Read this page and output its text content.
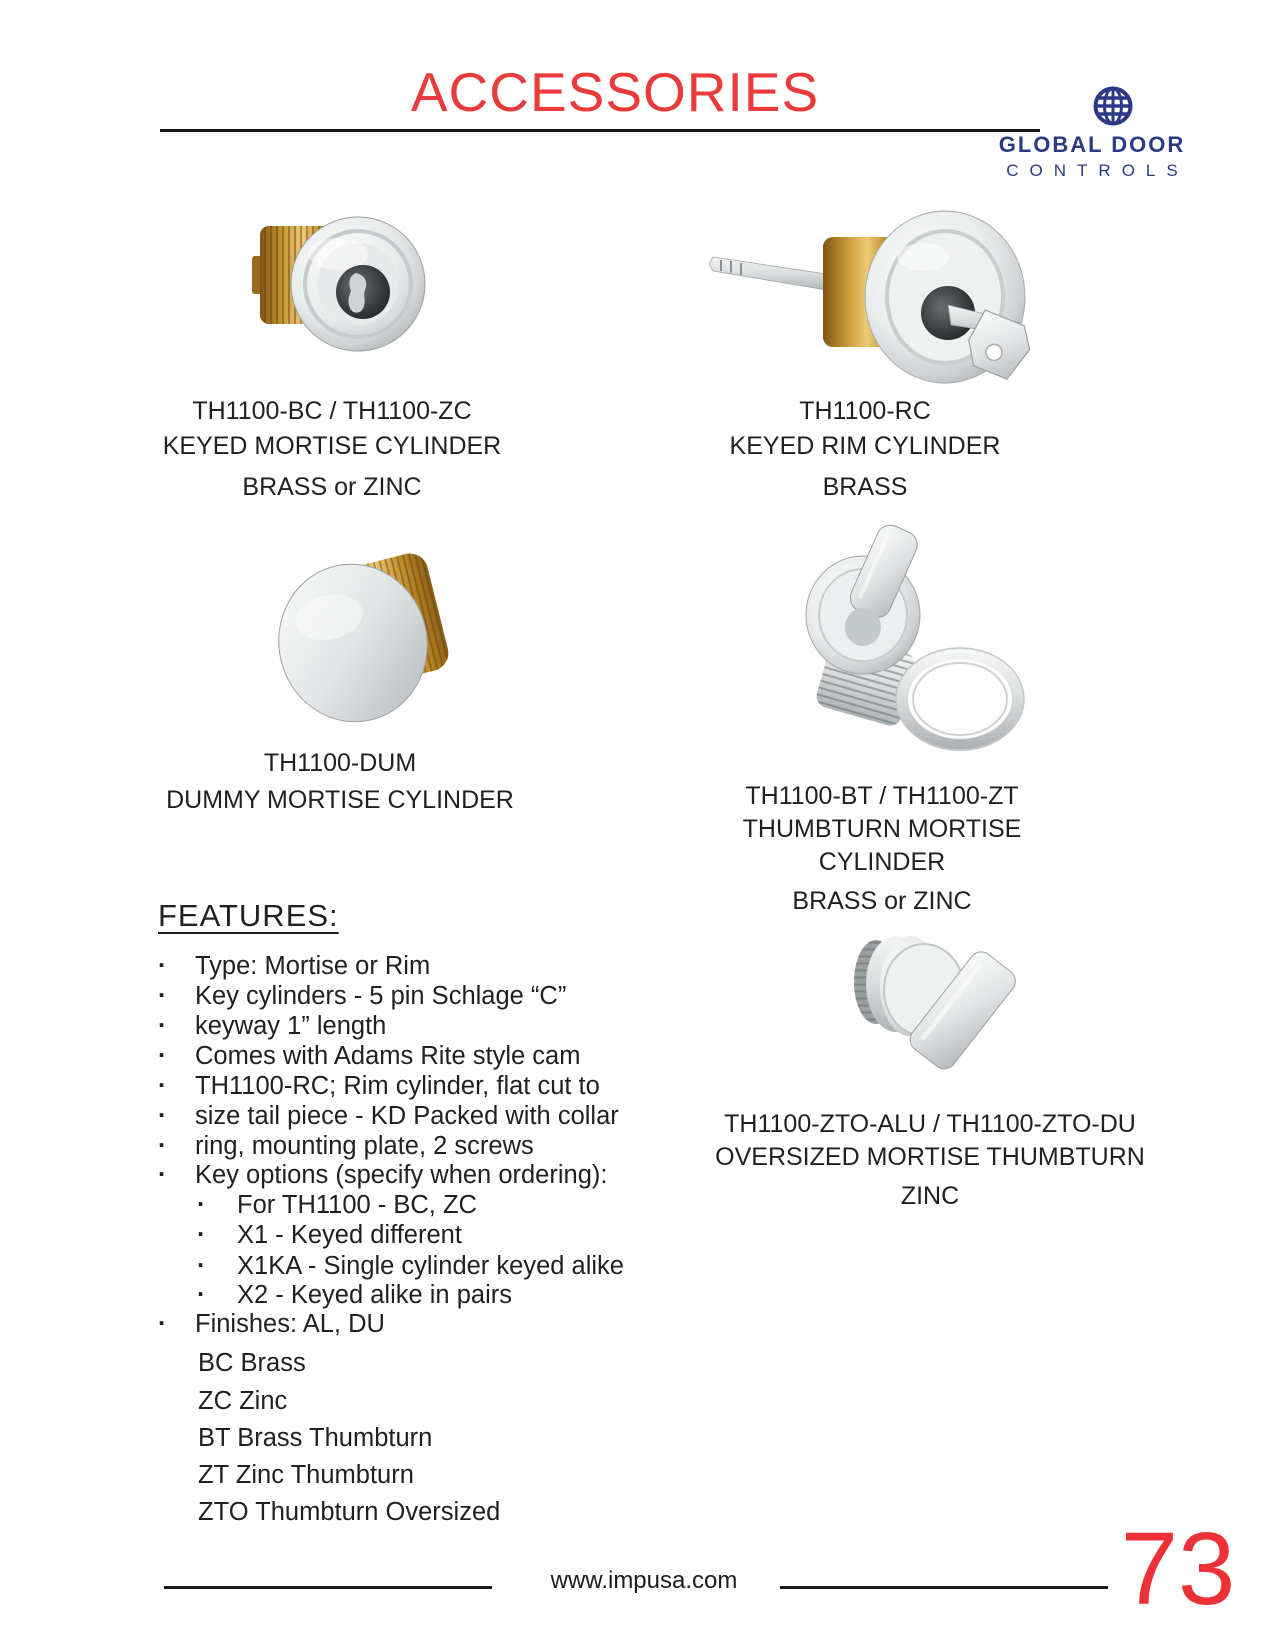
ACCESSORIES
GLOBAL DOOR
CONTROLS
TH1100-BC / TH1100-ZC
KEYED MORTISE CYLINDER
BRASS or ZINC
TH1100-RC
KEYED RIM CYLINDER
BRASS
TH1100-DUM
DUMMY MORTISE CYLINDER	TH1100-BT / TH1100-ZT
THUMBTURN MORTISE CYLINDER
BRASS or ZINC
TH1100-ZTO-ALU / TH1100-ZTO-DU
OVERSIZED MORTISE THUMBTURN
ZINC
FEATURES:
· Type: Mortise or Rim
· Key cylinders - 5 pin Schlage “C”
· keyway 1” length
· Comes with Adams Rite style cam
· TH1100-RC; Rim cylinder, flat cut to
· size tail piece - KD Packed with collar
· ring, mounting plate, 2 screws
· Key options (specify when ordering):
· For TH1100 - BC, ZC
· X1 - Keyed different
· X1KA - Single cylinder keyed alike
· X2 - Keyed alike in pairs
· Finishes: AL, DU
BC Brass
ZC Zinc
BT Brass Thumbturn
ZT Zinc Thumbturn
ZTO Thumbturn Oversized
www.impusa.com	73
